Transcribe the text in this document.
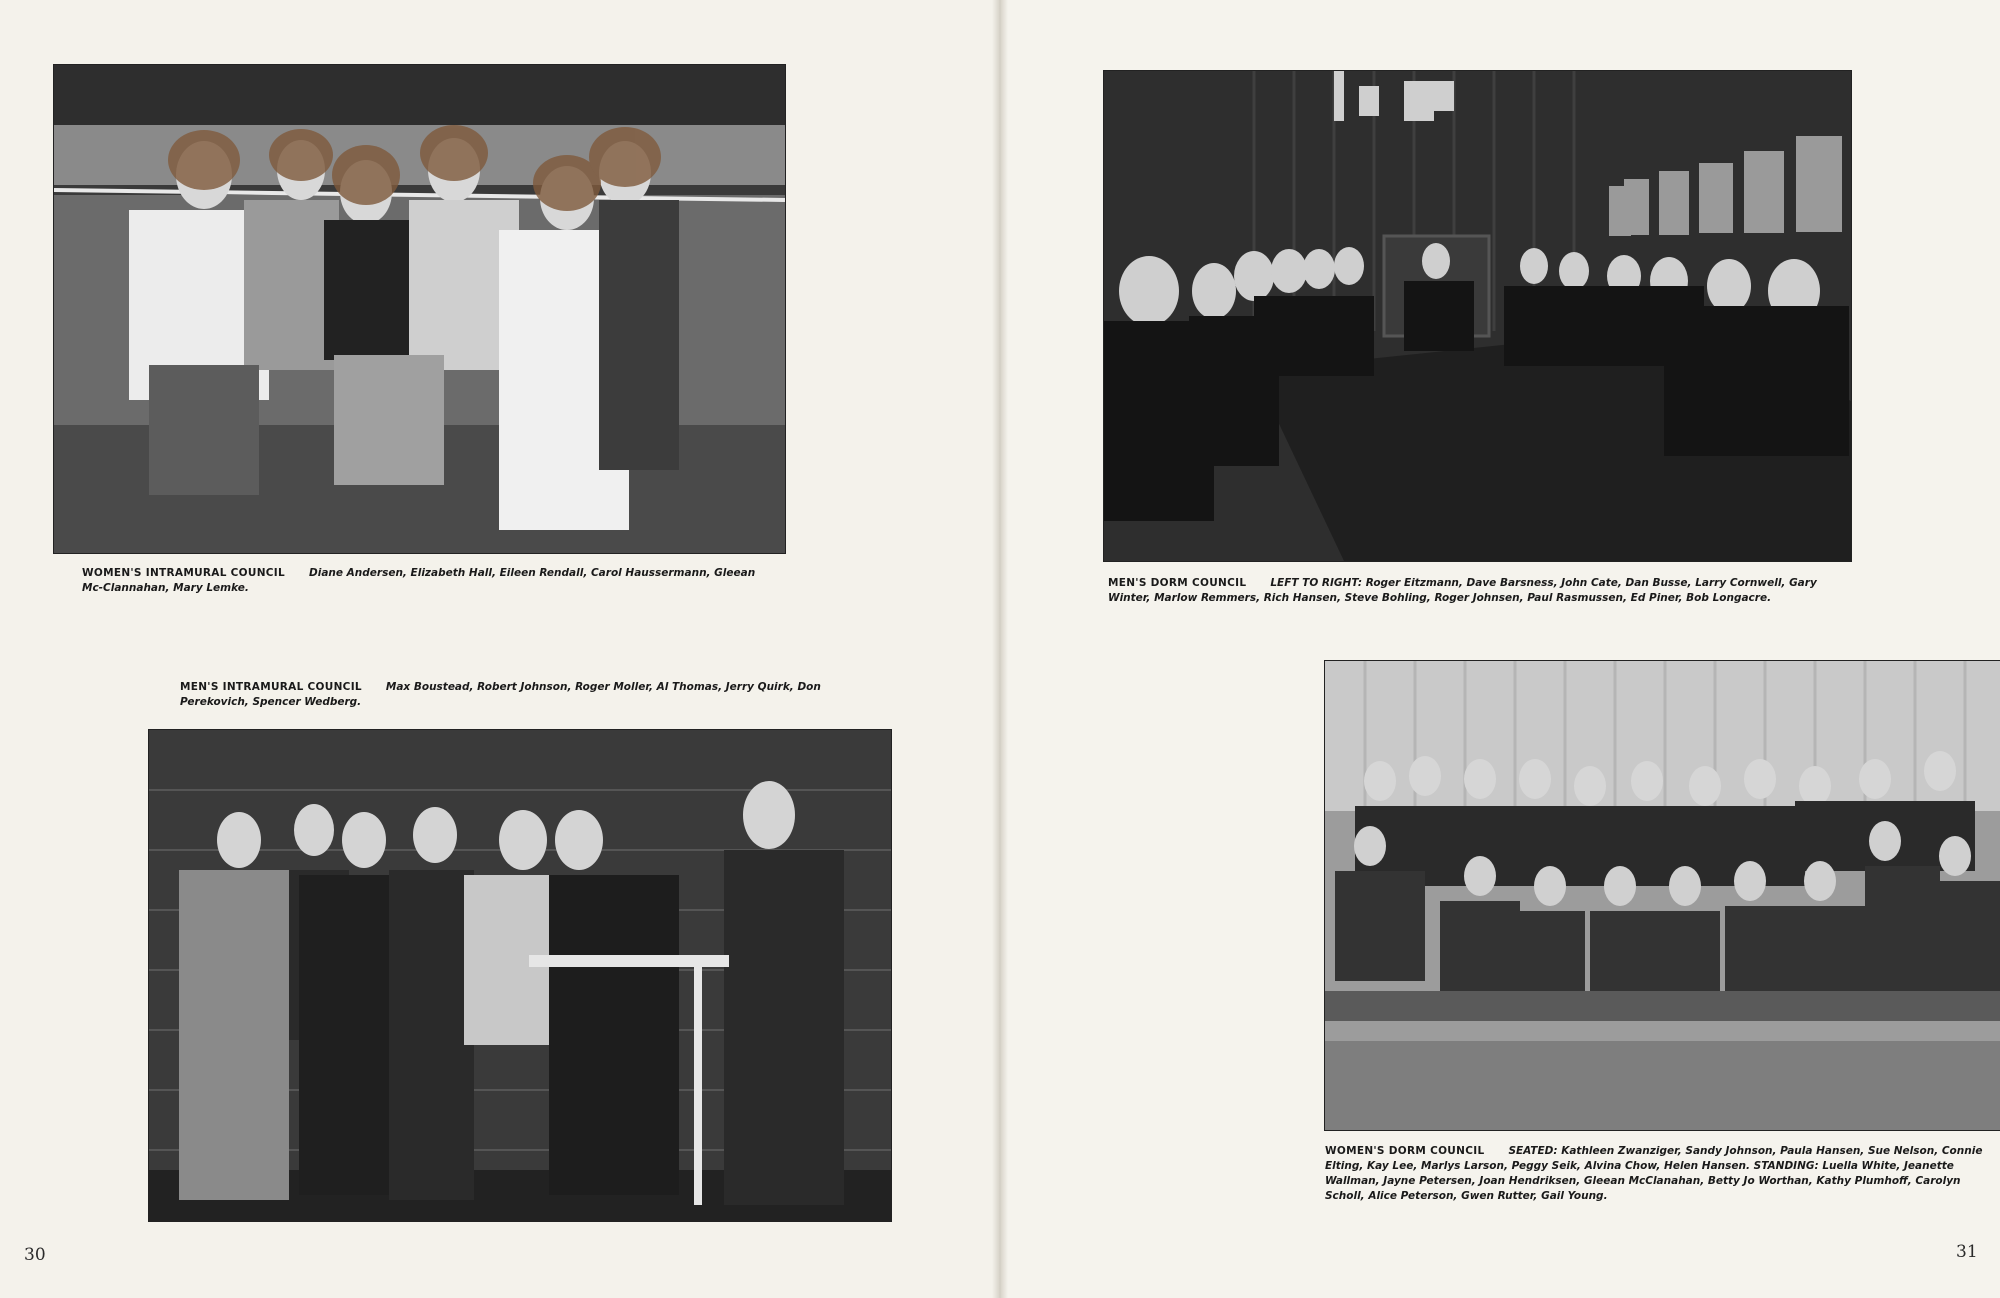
WOMEN'S INTRAMURAL COUNCIL Diane Andersen, Elizabeth Hall, Eileen Rendall, Carol Haussermann, Gleean Mc-Clannahan, Mary Lemke.
MEN'S INTRAMURAL COUNCIL Max Boustead, Robert Johnson, Roger Moller, Al Thomas, Jerry Quirk, Don Perekovich, Spencer Wedberg.
MEN'S DORM COUNCIL LEFT TO RIGHT: Roger Eitzmann, Dave Barsness, John Cate, Dan Busse, Larry Cornwell, Gary Winter, Marlow Remmers, Rich Hansen, Steve Bohling, Roger Johnsen, Paul Rasmussen, Ed Piner, Bob Longacre.
WOMEN'S DORM COUNCIL SEATED: Kathleen Zwanziger, Sandy Johnson, Paula Hansen, Sue Nelson, Connie Elting, Kay Lee, Marlys Larson, Peggy Seik, Alvina Chow, Helen Hansen. STANDING: Luella White, Jeanette Wallman, Jayne Petersen, Joan Hendriksen, Gleean McClanahan, Betty Jo Worthan, Kathy Plumhoff, Carolyn Scholl, Alice Peterson, Gwen Rutter, Gail Young.
30	31
